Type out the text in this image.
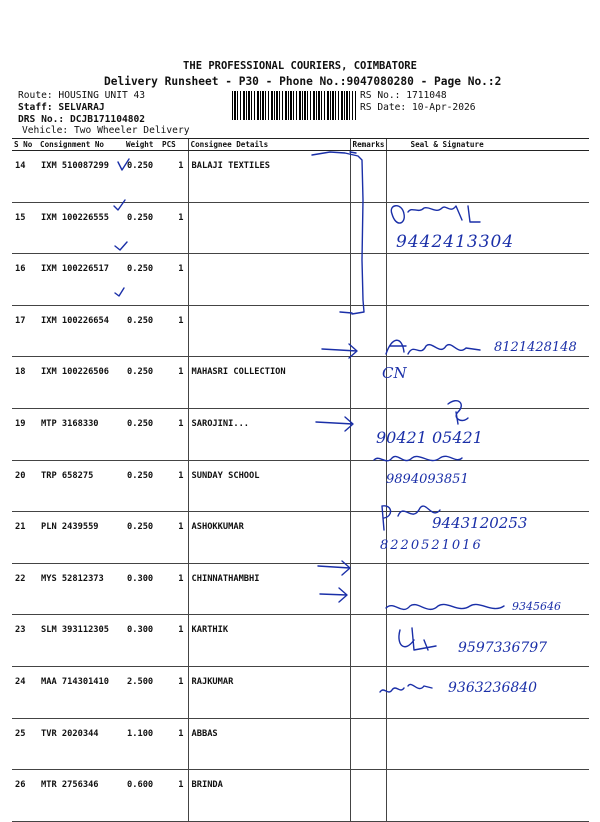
THE PROFESSIONAL COURIERS, COIMBATORE
Delivery Runsheet - P30 - Phone No.:9047080280 - Page No.:2
Route: HOUSING UNIT 43
Staff: SELVARAJ
DRS No.: DCJB171104802
Vehicle: Two Wheeler Delivery
RS No.: 1711048
RS Date: 10-Apr-2026
S No	Consignment No	Weight	PCS	Consignee Details	Remarks	Seal & Signature
14	IXM 510087299	0.250	1	BALAJI TEXTILES		
15	IXM 100226555	0.250	1			
16	IXM 100226517	0.250	1			
17	IXM 100226654	0.250	1			
18	IXM 100226506	0.250	1	MAHASRI COLLECTION		
19	MTP 3168330	0.250	1	SAROJINI...		
20	TRP 658275	0.250	1	SUNDAY SCHOOL		
21	PLN 2439559	0.250	1	ASHOKKUMAR		
22	MYS 52812373	0.300	1	CHINNATHAMBHI		
23	SLM 393112305	0.300	1	KARTHIK		
24	MAA 714301410	2.500	1	RAJKUMAR		
25	TVR 2020344	1.100	1	ABBAS		
26	MTR 2756346	0.600	1	BRINDA		
9442413304
8121428148
CN
90421 05421
9894093851
9443120253
8220521016
9345646
9597336797
9363236840
